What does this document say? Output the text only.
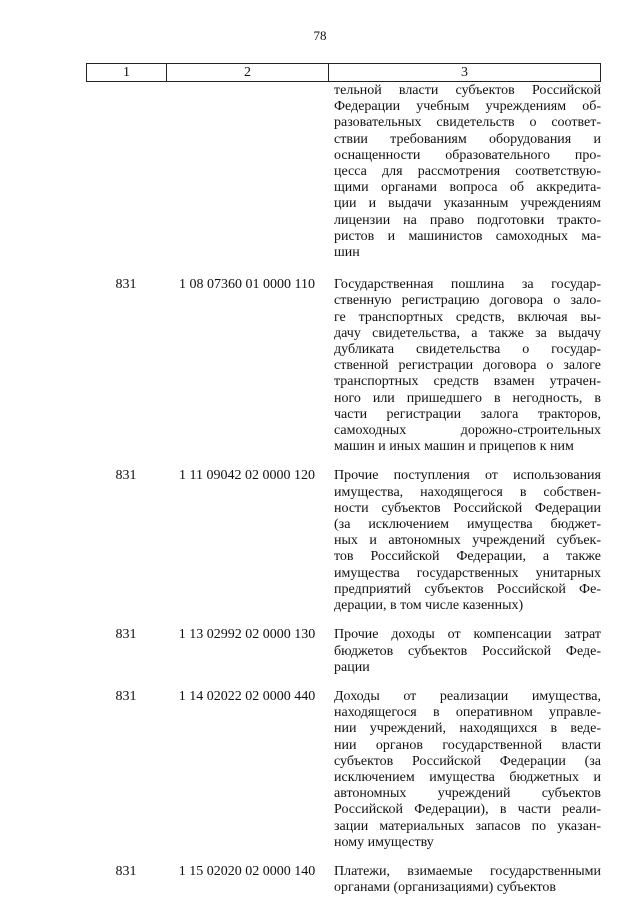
78
1	2	3
тельной власти субъектов Российской
Федерации учебным учреждениям об-
разовательных свидетельств о соответ-
ствии требованиям оборудования и
оснащенности образовательного про-
цесса для рассмотрения соответствую-
щими органами вопроса об аккредита-
ции и выдачи указанным учреждениям
лицензии на право подготовки тракто-
ристов и машинистов самоходных ма-
шин
831	1 08 07360 01 0000 110	Государственная пошлина за государ-
ственную регистрацию договора о зало-
ге транспортных средств, включая вы-
дачу свидетельства, а также за выдачу
дубликата свидетельства о государ-
ственной регистрации договора о залоге
транспортных средств взамен утрачен-
ного или пришедшего в негодность, в
части регистрации залога тракторов,
самоходных дорожно-строительных
машин и иных машин и прицепов к ним
831	1 11 09042 02 0000 120	Прочие поступления от использования
имущества, находящегося в собствен-
ности субъектов Российской Федерации
(за исключением имущества бюджет-
ных и автономных учреждений субъек-
тов Российской Федерации, а также
имущества государственных унитарных
предприятий субъектов Российской Фе-
дерации, в том числе казенных)
831	1 13 02992 02 0000 130	Прочие доходы от компенсации затрат
бюджетов субъектов Российской Феде-
рации
831	1 14 02022 02 0000 440	Доходы от реализации имущества,
находящегося в оперативном управле-
нии учреждений, находящихся в веде-
нии органов государственной власти
субъектов Российской Федерации (за
исключением имущества бюджетных и
автономных учреждений субъектов
Российской Федерации), в части реали-
зации материальных запасов по указан-
ному имуществу
831	1 15 02020 02 0000 140	Платежи, взимаемые государственными
органами (организациями) субъектов
